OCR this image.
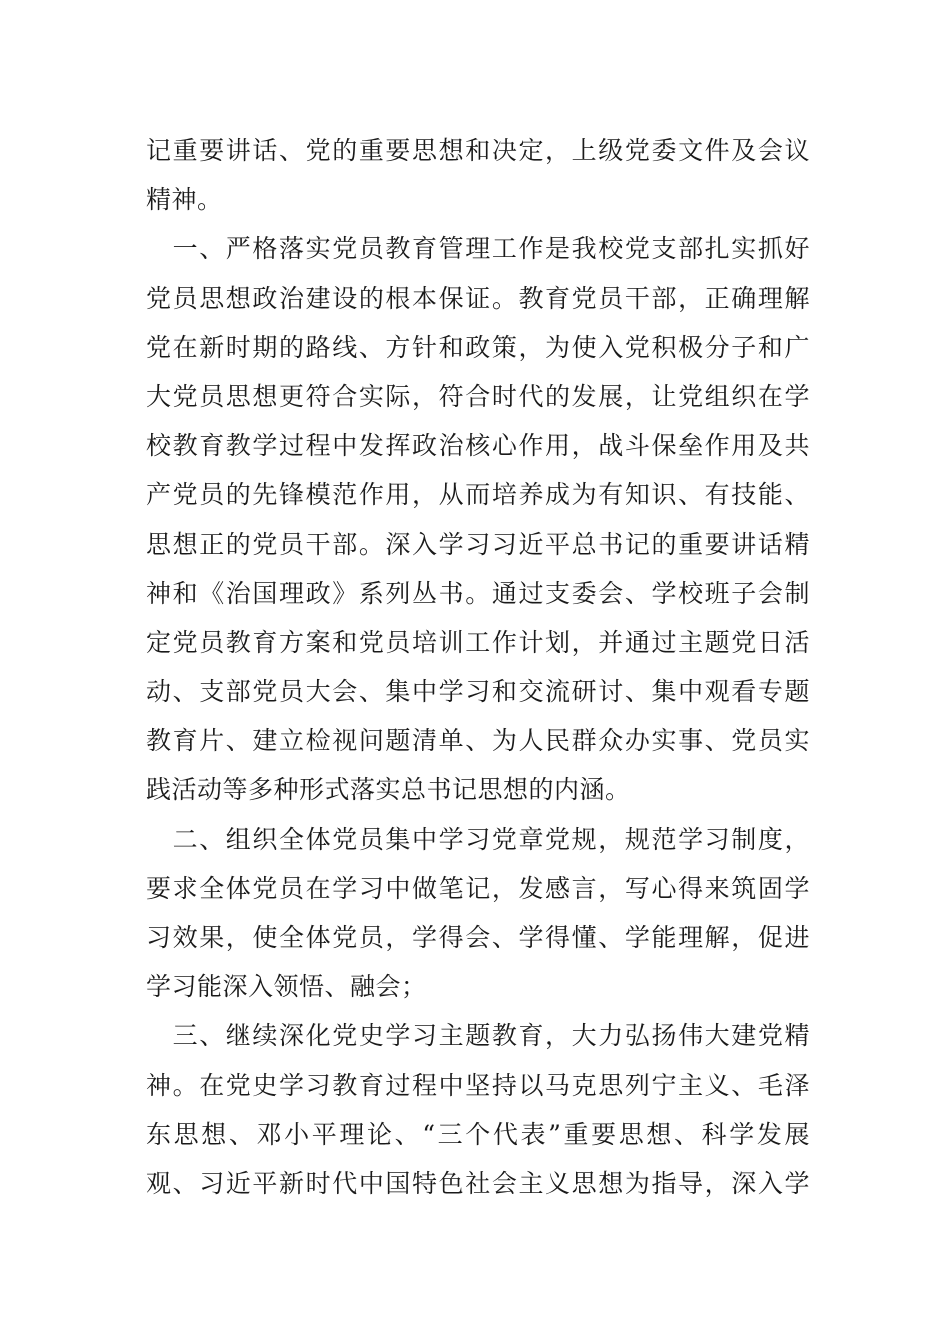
记重要讲话、党的重要思想和决定，上级党委文件及会议
精神。
　一、严格落实党员教育管理工作是我校党支部扎实抓好
党员思想政治建设的根本保证。教育党员干部，正确理解
党在新时期的路线、方针和政策，为使入党积极分子和广
大党员思想更符合实际，符合时代的发展，让党组织在学
校教育教学过程中发挥政治核心作用，战斗保垒作用及共
产党员的先锋模范作用，从而培养成为有知识、有技能、
思想正的党员干部。深入学习习近平总书记的重要讲话精
神和《治国理政》系列丛书。通过支委会、学校班子会制
定党员教育方案和党员培训工作计划，并通过主题党日活
动、支部党员大会、集中学习和交流研讨、集中观看专题
教育片、建立检视问题清单、为人民群众办实事、党员实
践活动等多种形式落实总书记思想的内涵。
　二、组织全体党员集中学习党章党规，规范学习制度，
要求全体党员在学习中做笔记，发感言，写心得来筑固学
习效果，使全体党员，学得会、学得懂、学能理解，促进
学习能深入领悟、融会；
　三、继续深化党史学习主题教育，大力弘扬伟大建党精
神。在党史学习教育过程中坚持以马克思列宁主义、毛泽
东思想、邓小平理论、“三个代表”重要思想、科学发展
观、习近平新时代中国特色社会主义思想为指导，深入学
